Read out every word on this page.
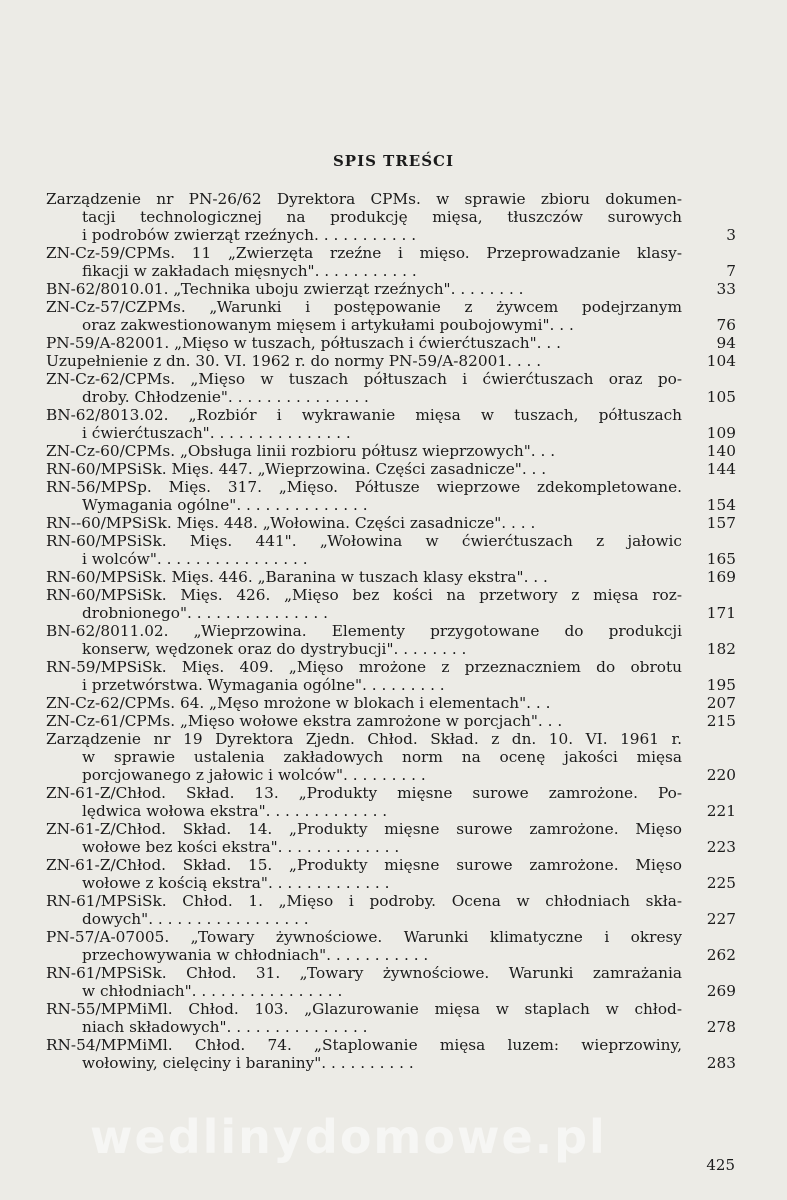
SPIS TREŚCI
Zarządzenie nr PN-26/62 Dyrektora CPMs. w sprawie zbioru dokumen-
tacji technologicznej na produkcję mięsa, tłuszczów surowych
i podrobów zwierząt rzeźnych. . . . . . . . . . .	3
ZN-Cz-59/CPMs. 11 „Zwierzęta rzeźne i mięso. Przeprowadzanie klasy-
fikacji w zakładach mięsnych". . . . . . . . . . .	7
BN-62/8010.01. „Technika uboju zwierząt rzeźnych". . . . . . . .	33
ZN-Cz-57/CZPMs. „Warunki i postępowanie z żywcem podejrzanym
oraz zakwestionowanym mięsem i artykułami poubojowymi". . .	76
PN-59/A-82001. „Mięso w tuszach, półtuszach i ćwierćtuszach". . .	94
Uzupełnienie z dn. 30. VI. 1962 r. do normy PN-59/A-82001. . . .	104
ZN-Cz-62/CPMs. „Mięso w tuszach półtuszach i ćwierćtuszach oraz po-
droby. Chłodzenie". . . . . . . . . . . . . . .	105
BN-62/8013.02. „Rozbiór i wykrawanie mięsa w tuszach, półtuszach
i ćwierćtuszach". . . . . . . . . . . . . . .	109
ZN-Cz-60/CPMs. „Obsługa linii rozbioru półtusz wieprzowych". . .	140
RN-60/MPSiSk. Mięs. 447. „Wieprzowina. Części zasadnicze". . .	144
RN-56/MPSp. Mięs. 317. „Mięso. Półtusze wieprzowe zdekompletowane.
Wymagania ogólne". . . . . . . . . . . . . .	154
RN--60/MPSiSk. Mięs. 448. „Wołowina. Części zasadnicze". . . .	157
RN-60/MPSiSk. Mięs. 441". „Wołowina w ćwierćtuszach z jałowic
i wolców". . . . . . . . . . . . . . . .	165
RN-60/MPSiSk. Mięs. 446. „Baranina w tuszach klasy ekstra". . .	169
RN-60/MPSiSk. Mięs. 426. „Mięso bez kości na przetwory z mięsa roz-
drobnionego". . . . . . . . . . . . . . .	171
BN-62/8011.02. „Wieprzowina. Elementy przygotowane do produkcji
konserw, wędzonek oraz do dystrybucji". . . . . . . .	182
RN-59/MPSiSk. Mięs. 409. „Mięso mrożone z przeznaczniem do obrotu
i przetwórstwa. Wymagania ogólne". . . . . . . . .	195
ZN-Cz-62/CPMs. 64. „Męso mrożone w blokach i elementach". . .	207
ZN-Cz-61/CPMs. „Mięso wołowe ekstra zamrożone w porcjach". . .	215
Zarządzenie nr 19 Dyrektora Zjedn. Chłod. Skład. z dn. 10. VI. 1961 r.
w sprawie ustalenia zakładowych norm na ocenę jakości mięsa
porcjowanego z jałowic i wolców". . . . . . . . .	220
ZN-61-Z/Chłod. Skład. 13. „Produkty mięsne surowe zamrożone. Po-
lędwica wołowa ekstra". . . . . . . . . . . . .	221
ZN-61-Z/Chłod. Skład. 14. „Produkty mięsne surowe zamrożone. Mięso
wołowe bez kości ekstra". . . . . . . . . . . . .	223
ZN-61-Z/Chłod. Skład. 15. „Produkty mięsne surowe zamrożone. Mięso
wołowe z kością ekstra". . . . . . . . . . . . .	225
RN-61/MPSiSk. Chłod. 1. „Mięso i podroby. Ocena w chłodniach skła-
dowych". . . . . . . . . . . . . . . . .	227
PN-57/A-07005. „Towary żywnościowe. Warunki klimatyczne i okresy
przechowywania w chłodniach". . . . . . . . . . .	262
RN-61/MPSiSk. Chłod. 31. „Towary żywnościowe. Warunki zamrażania
w chłodniach". . . . . . . . . . . . . . . .	269
RN-55/MPMiMl. Chłod. 103. „Glazurowanie mięsa w staplach w chłod-
niach składowych". . . . . . . . . . . . . . .	278
RN-54/MPMiMl. Chłod. 74. „Staplowanie mięsa luzem: wieprzowiny,
wołowiny, cielęciny i baraniny". . . . . . . . . .	283
425
wedlinydomowe.pl
